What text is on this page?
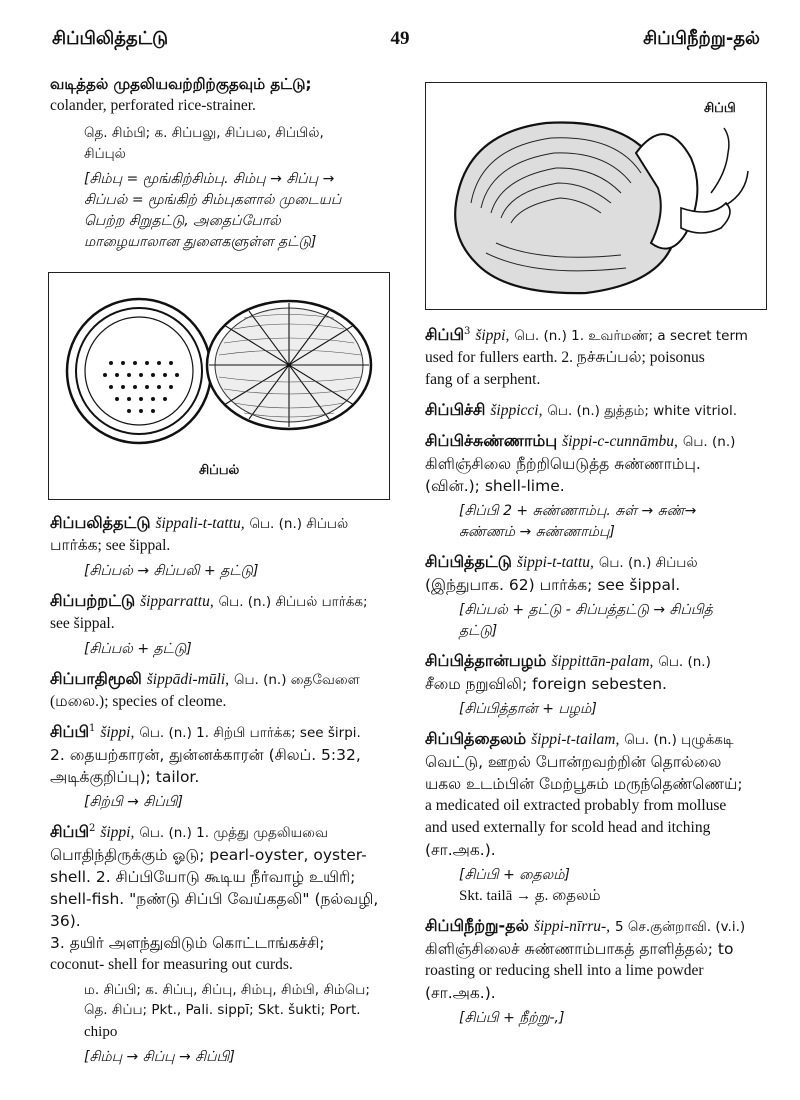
சிப்பிலித்தட்டு	49	சிப்பிநீற்று-தல்

வடித்தல் முதலியவற்றிற்குதவும் தட்டு;

colander, perforated rice-strainer.

தெ. சிம்பி; க. சிப்பலு, சிப்பல, சிப்பில்,

சிப்புல்

[சிம்பு = மூங்கிற்சிம்பு. சிம்பு → சிப்பு →

சிப்பல் = மூங்கிற் சிம்புகளால் முடையப்

பெற்ற சிறுதட்டு, அதைப்போல்

மாழையாலான துளைகளுள்ள தட்டு]

சிப்பல்

சிப்பலித்தட்டு šippali-t-tattu, பெ. (n.) சிப்பல்

பார்க்க; see šippal.

[சிப்பல் → சிப்பலி + தட்டு]

சிப்பற்றட்டு šipparrattu, பெ. (n.) சிப்பல் பார்க்க;

see šippal.

[சிப்பல் + தட்டு]

சிப்பாதிமூலி šippādi-mūli, பெ. (n.) தைவேளை

(மலை.); species of cleome.

சிப்பி$^1$ šippi, பெ. (n.) 1. சிற்பி பார்க்க; see širpi.

2. தையற்காரன், துன்னக்காரன் (சிலப். 5:32,

அடிக்குறிப்பு); tailor.

[சிற்பி → சிப்பி]

சிப்பி$^2$ šippi, பெ. (n.) 1. முத்து முதலியவை

பொதிந்திருக்கும் ஓடு; pearl-oyster, oyster-

shell. 2. சிப்பியோடு கூடிய நீர்வாழ் உயிரி;

shell-fish. "நண்டு சிப்பி வேய்கதலி" (நல்வழி, 36).

3. தயிர் அளந்துவிடும் கொட்டாங்கச்சி;

coconut- shell for measuring out curds.

ம. சிப்பி; க. சிப்பு, சிப்பு, சிம்பு, சிம்பி, சிம்பெ;

தெ. சிப்ப; Pkt., Pali. sippī; Skt. šukti; Port.

chipo

[சிம்பு → சிப்பு → சிப்பி]

சிப்பி

சிப்பி$^3$ šippi, பெ. (n.) 1. உவர்மண்; a secret term

used for fullers earth. 2. நச்சுப்பல்; poisonus

fang of a serphent.

சிப்பிச்சி šippicci, பெ. (n.) துத்தம்; white vitriol.

சிப்பிச்சுண்ணாம்பு šippi-c-cunnāmbu, பெ. (n.)

கிளிஞ்சிலை நீற்றியெடுத்த சுண்ணாம்பு.

(வின்.); shell-lime.

[சிப்பி 2 + சுண்ணாம்பு. சுள் → சுண்→

சுண்ணம் → சுண்ணாம்பு]

சிப்பித்தட்டு šippi-t-tattu, பெ. (n.) சிப்பல்

(இந்துபாக. 62) பார்க்க; see šippal.

[சிப்பல் + தட்டு - சிப்பத்தட்டு → சிப்பித்

தட்டு]

சிப்பித்தான்பழம் šippittān-palam, பெ. (n.)

சீமை நறுவிலி; foreign sebesten.

[சிப்பித்தான் + பழம்]

சிப்பித்தைலம் šippi-t-tailam, பெ. (n.) புழுக்கடி

வெட்டு, ஊறல் போன்றவற்றின் தொல்லை

யகல உடம்பின் மேற்பூசும் மருந்தெண்ணெய்;

a medicated oil extracted probably from molluse

and used externally for scold head and itching

(சா.அக.).

[சிப்பி + தைலம்]

Skt. tailā → த. தைலம்

சிப்பிநீற்று-தல் šippi-nīrru-, 5 செ.குன்றாவி. (v.i.)

கிளிஞ்சிலைச் சுண்ணாம்பாகத் தாளித்தல்; to

roasting or reducing shell into a lime powder

(சா.அக.).

[சிப்பி + நீற்று-,]
